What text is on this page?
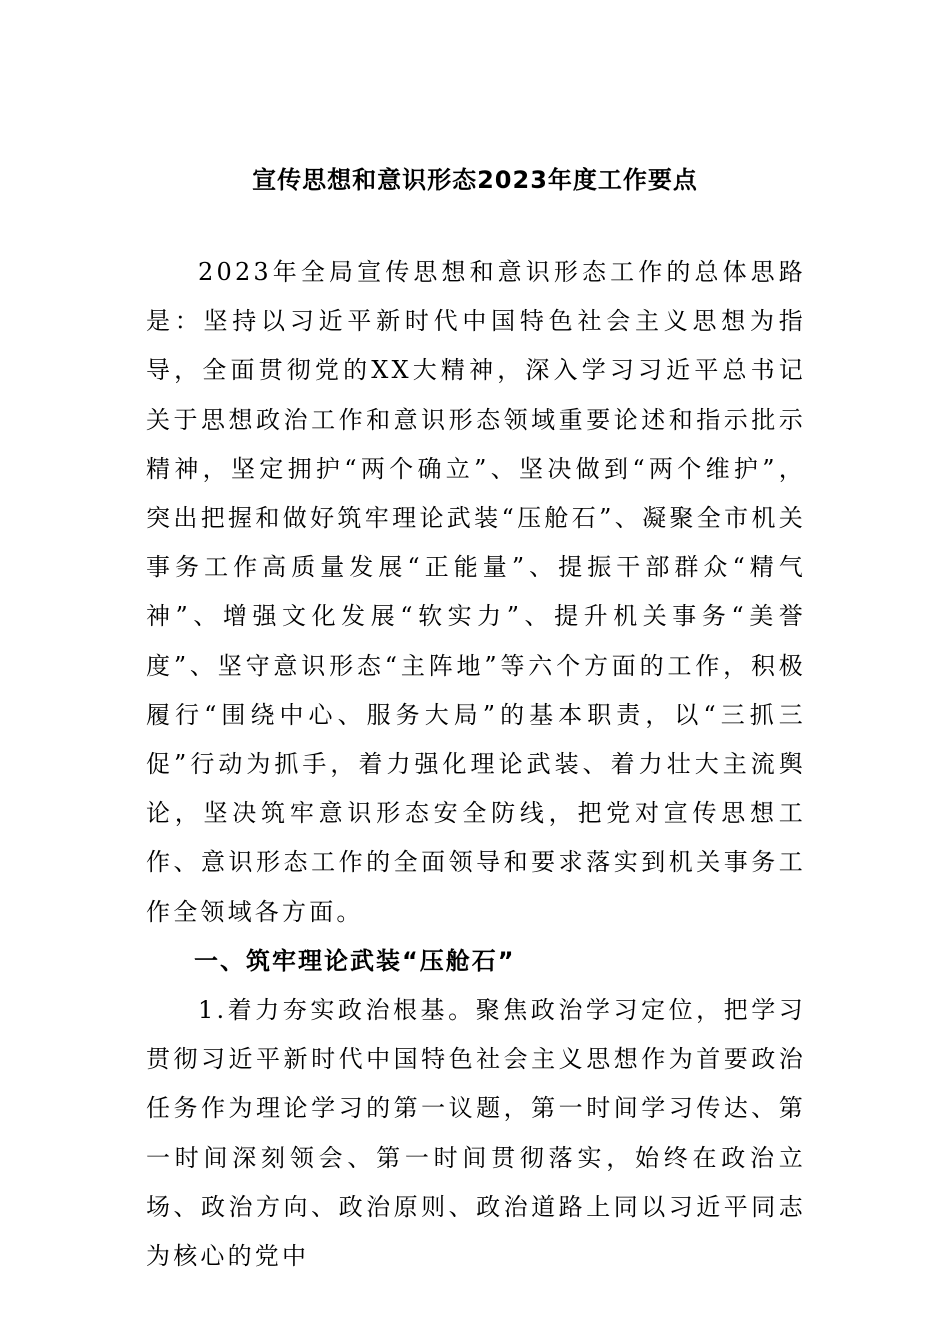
宣传思想和意识形态2023年度工作要点

2023年全局宣传思想和意识形态工作的总体思路是：坚持以习近平新时代中国特色社会主义思想为指导，全面贯彻党的XX大精神，深入学习习近平总书记关于思想政治工作和意识形态领域重要论述和指示批示精神，坚定拥护“两个确立”、坚决做到“两个维护”，突出把握和做好筑牢理论武装“压舱石”、凝聚全市机关事务工作高质量发展“正能量”、提振干部群众“精气神”、增强文化发展“软实力”、提升机关事务“美誉度”、坚守意识形态“主阵地”等六个方面的工作，积极履行“围绕中心、服务大局”的基本职责，以“三抓三促”行动为抓手，着力强化理论武装、着力壮大主流舆论，坚决筑牢意识形态安全防线，把党对宣传思想工作、意识形态工作的全面领导和要求落实到机关事务工作全领域各方面。

一、筑牢理论武装“压舱石”

1.着力夯实政治根基。聚焦政治学习定位，把学习贯彻习近平新时代中国特色社会主义思想作为首要政治任务作为理论学习的第一议题，第一时间学习传达、第一时间深刻领会、第一时间贯彻落实，始终在政治立场、政治方向、政治原则、政治道路上同以习近平同志为核心的党中
